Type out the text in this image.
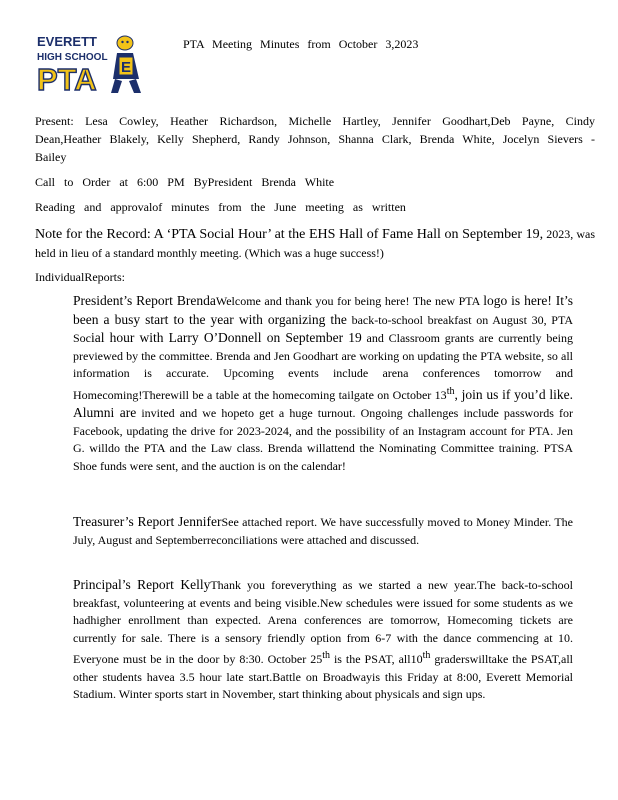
EVERETT
HIGH SCHOOL
PTA E
PTA Meeting Minutes from October 3,2023
Present: Lesa Cowley, Heather Richardson, Michelle Hartley, Jennifer Goodhart,Deb Payne, Cindy Dean,Heather Blakely, Kelly Shepherd, Randy Johnson, Shanna Clark, Brenda White, Jocelyn Sievers -Bailey
Call to Order at 6:00 PM ByPresident Brenda White
Reading and approvalof minutes from the June meeting as written
Note for the Record: A ‘PTA Social Hour’ at the EHS Hall of Fame Hall on September 19, 2023, was held in lieu of a standard monthly meeting. (Which was a huge success!)
IndividualReports:
President’s Report BrendaWelcome and thank you for being here! The new PTA logo is here! It’s been a busy start to the year with organizing the back-to-school breakfast on August 30, PTA Social hour with Larry O’Donnell on September 19 and Classroom grants are currently being previewed by the committee. Brenda and Jen Goodhart are working on updating the PTA website, so all information is accurate. Upcoming events include arena conferences tomorrow and Homecoming!Therewill be a table at the homecoming tailgate on October 13th, join us if you’d like. Alumni are invited and we hopeto get a huge turnout. Ongoing challenges include passwords for Facebook, updating the drive for 2023-2024, and the possibility of an Instagram account for PTA. Jen G. willdo the PTA and the Law class. Brenda willattend the Nominating Committee training. PTSA Shoe funds were sent, and the auction is on the calendar!
Treasurer’s Report JenniferSee attached report. We have successfully moved to Money Minder. The July, August and Septemberreconciliations were attached and discussed.
Principal’s Report KellyThank you foreverything as we started a new year.The back-to-school breakfast, volunteering at events and being visible.New schedules were issued for some students as we hadhigher enrollment than expected. Arena conferences are tomorrow, Homecoming tickets are currently for sale. There is a sensory friendly option from 6-7 with the dance commencing at 10. Everyone must be in the door by 8:30. October 25th is the PSAT, all10th graderswilltake the PSAT,all other students havea 3.5 hour late start.Battle on Broadwayis this Friday at 8:00, Everett Memorial Stadium. Winter sports start in November, start thinking about physicals and sign ups.
